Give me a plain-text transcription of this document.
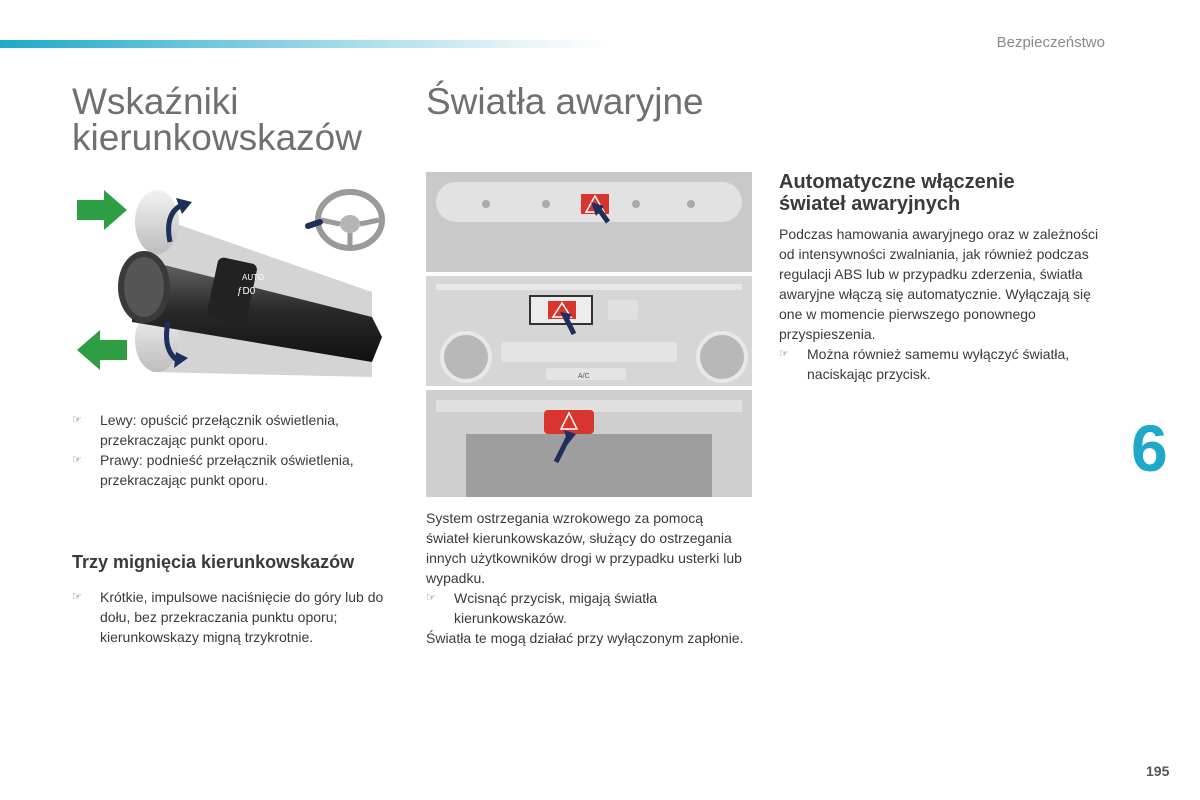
Bezpieczeństwo
Wskaźniki
kierunkowskazów
AUTO
ƒD0
☞ Lewy: opuścić przełącznik oświetlenia, przekraczając punkt oporu.
☞ Prawy: podnieść przełącznik oświetlenia, przekraczając punkt oporu.
Trzy mignięcia kierunkowskazów
☞ Krótkie, impulsowe naciśnięcie do góry lub do dołu, bez przekraczania punktu oporu; kierunkowskazy migną trzykrotnie.
Światła awaryjne
A/C

System ostrzegania wzrokowego za pomocą świateł kierunkowskazów, służący do ostrzegania innych użytkowników drogi w przypadku usterki lub wypadku.

☞ Wcisnąć przycisk, migają światła kierunkowskazów.

Światła te mogą działać przy wyłączonym zapłonie.

Automatyczne włączenie
świateł awaryjnych

Podczas hamowania awaryjnego oraz w zależności od intensywności zwalniania, jak również podczas regulacji ABS lub w przypadku zderzenia, światła awaryjne włączą się automatycznie. Wyłączają się one w momencie pierwszego ponownego przyspieszenia.

☞ Można również samemu wyłączyć światła, naciskając przycisk.
6
195
